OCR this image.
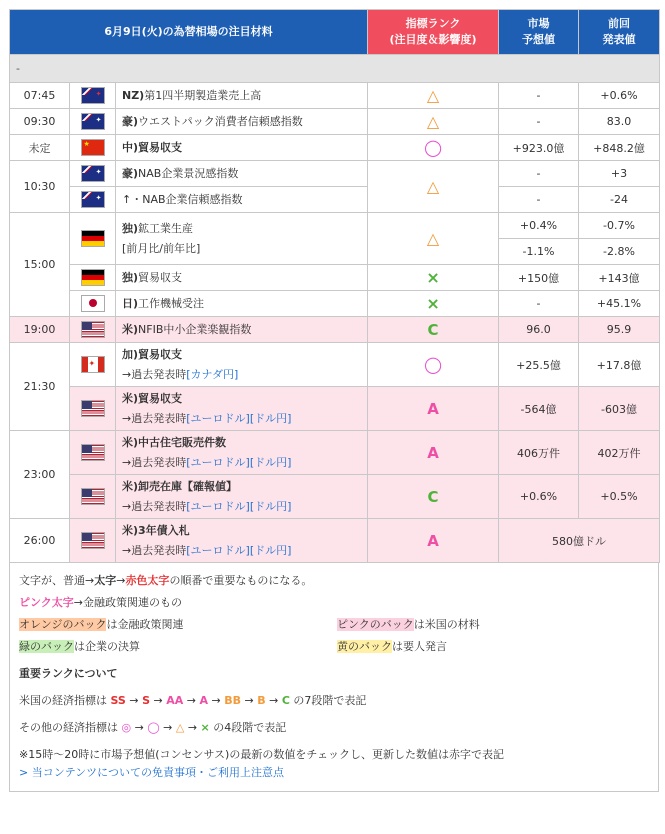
6月9日(火)の為替相場の注目材料			指標ランク
(注目度＆影響度)	市場
予想値	前回
発表値
-					
07:45	✦	NZ)第1四半期製造業売上高	△	-	+0.6%
09:30	✦	豪)ウエストパック消費者信頼感指数	△	-	83.0
未定	★	中)貿易収支	◯	+923.0億	+848.2億
10:30	✦	豪)NAB企業景況感指数	△	-	+3
✦	↑・NAB企業信頼感指数		-	-24
15:00		独)鉱工業生産
[前月比/前年比]	△	+0.4%	-0.7%
				-1.1%	-2.8%
		独)貿易収支	×	+150億	+143億
		日)工作機械受注	×	-	+45.1%
19:00		米)NFIB中小企業楽観指数	C	96.0	95.9
21:30	✦	加)貿易収支
→過去発表時[カナダ円]	◯	+25.5億	+17.8億
		米)貿易収支
→過去発表時[ユーロドル][ドル円]	A	-564億	-603億
23:00		米)中古住宅販売件数
→過去発表時[ユーロドル][ドル円]	A	406万件	402万件
		米)卸売在庫【確報値】
→過去発表時[ユーロドル][ドル円]	C	+0.6%	+0.5%
26:00		米)3年債入札
→過去発表時[ユーロドル][ドル円]	A	580億ドル	

文字が、普通→太字→赤色太字の順番で重要なものになる。

ピンク太字→金融政策関連のもの

オレンジのバックは金融政策関連	ピンクのバックは米国の材料

緑のバックは企業の決算	黄のバックは要人発言

重要ランクについて

米国の経済指標は SS → S → AA → A → BB → B → C の7段階で表記

その他の経済指標は ◎ → ◯ → △ → × の4段階で表記

※15時～20時に市場予想値(コンセンサス)の最新の数値をチェックし、更新した数値は赤字で表記

> 当コンテンツについての免責事項・ご利用上注意点
